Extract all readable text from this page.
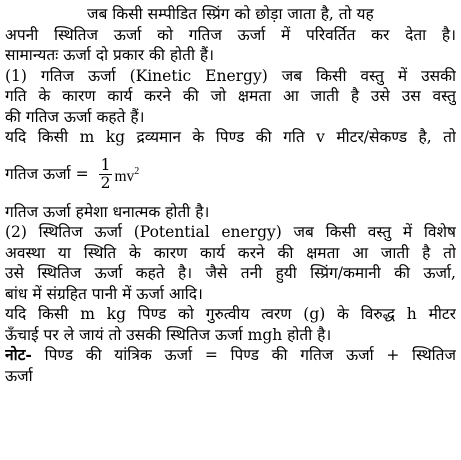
जब किसी सम्पीडित स्प्रिंग को छोड़ा जाता है, तो यह
अपनी स्थितिज ऊर्जा को गतिज ऊर्जा में परिवर्तित कर देता है।
सामान्यतः ऊर्जा दो प्रकार की होती हैं।
(1) गतिज ऊर्जा (Kinetic Energy) जब किसी वस्तु में उसकी
गति के कारण कार्य करने की जो क्षमता आ जाती है उसे उस वस्तु
की गतिज ऊर्जा कहते हैं।
यदि किसी m kg द्रव्यमान के पिण्ड की गति v मीटर/सेकण्ड है, तो
गतिज ऊर्जा = $\frac{1}{2} mv^2$
गतिज ऊर्जा हमेशा धनात्मक होती है।
(2) स्थितिज ऊर्जा (Potential energy) जब किसी वस्तु में विशेष
अवस्था या स्थिति के कारण कार्य करने की क्षमता आ जाती है तो
उसे स्थितिज ऊर्जा कहते है। जैसे तनी हुयी स्प्रिंग/कमानी की ऊर्जा,
बांध में संग्रहित पानी में ऊर्जा आदि।
यदि किसी m kg पिण्ड को गुरुत्वीय त्वरण (g) के विरुद्ध h मीटर
ऊँचाई पर ले जायं तो उसकी स्थितिज ऊर्जा mgh होती है।
नोट- पिण्ड की यांत्रिक ऊर्जा = पिण्ड की गतिज ऊर्जा + स्थितिज
ऊर्जा
